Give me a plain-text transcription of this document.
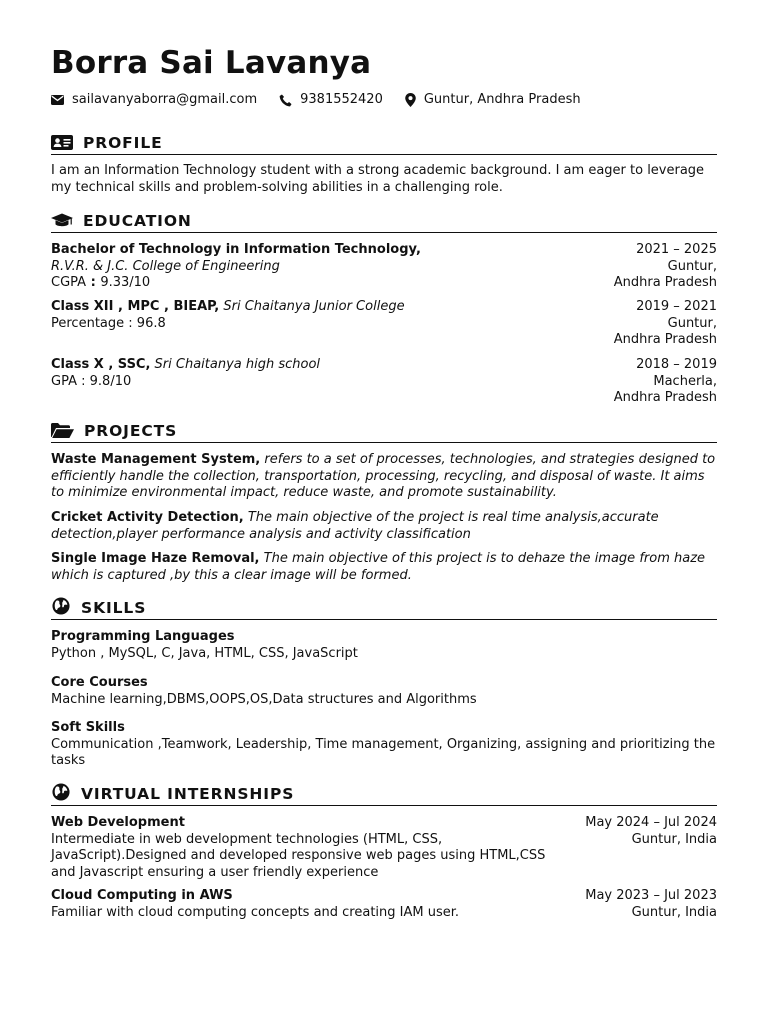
Borra Sai Lavanya
sailavanyaborra@gmail.com	9381552420	Guntur, Andhra Pradesh
PROFILE
I am an Information Technology student with a strong academic background. I am eager to leverage my technical skills and problem-solving abilities in a challenging role.
EDUCATION
Bachelor of Technology in Information Technology,
R.V.R. & J.C. College of Engineering
CGPA : 9.33/10
2021 – 2025
Guntur,
Andhra Pradesh
Class XII , MPC , BIEAP, Sri Chaitanya Junior College
Percentage : 96.8
2019 – 2021
Guntur,
Andhra Pradesh
Class X , SSC, Sri Chaitanya high school
GPA : 9.8/10
2018 – 2019
Macherla,
Andhra Pradesh
PROJECTS
Waste Management System, refers to a set of processes, technologies, and strategies designed to efficiently handle the collection, transportation, processing, recycling, and disposal of waste. It aims to minimize environmental impact, reduce waste, and promote sustainability.
Cricket Activity Detection, The main objective of the project is real time analysis,accurate detection,player performance analysis and activity classification
Single Image Haze Removal, The main objective of this project is to dehaze the image from haze which is captured ,by this a clear image will be formed.
SKILLS
Programming Languages
Python , MySQL, C, Java, HTML, CSS, JavaScript
Core Courses
Machine learning,DBMS,OOPS,OS,Data structures and Algorithms
Soft Skills
Communication ,Teamwork, Leadership, Time management, Organizing, assigning and prioritizing the tasks
VIRTUAL INTERNSHIPS
Web Development
Intermediate in web development technologies (HTML, CSS, JavaScript).Designed and developed responsive web pages using HTML,CSS and Javascript ensuring a user friendly experience
May 2024 – Jul 2024
Guntur, India
Cloud Computing in AWS
Familiar with cloud computing concepts and creating IAM user.
May 2023 – Jul 2023
Guntur, India
